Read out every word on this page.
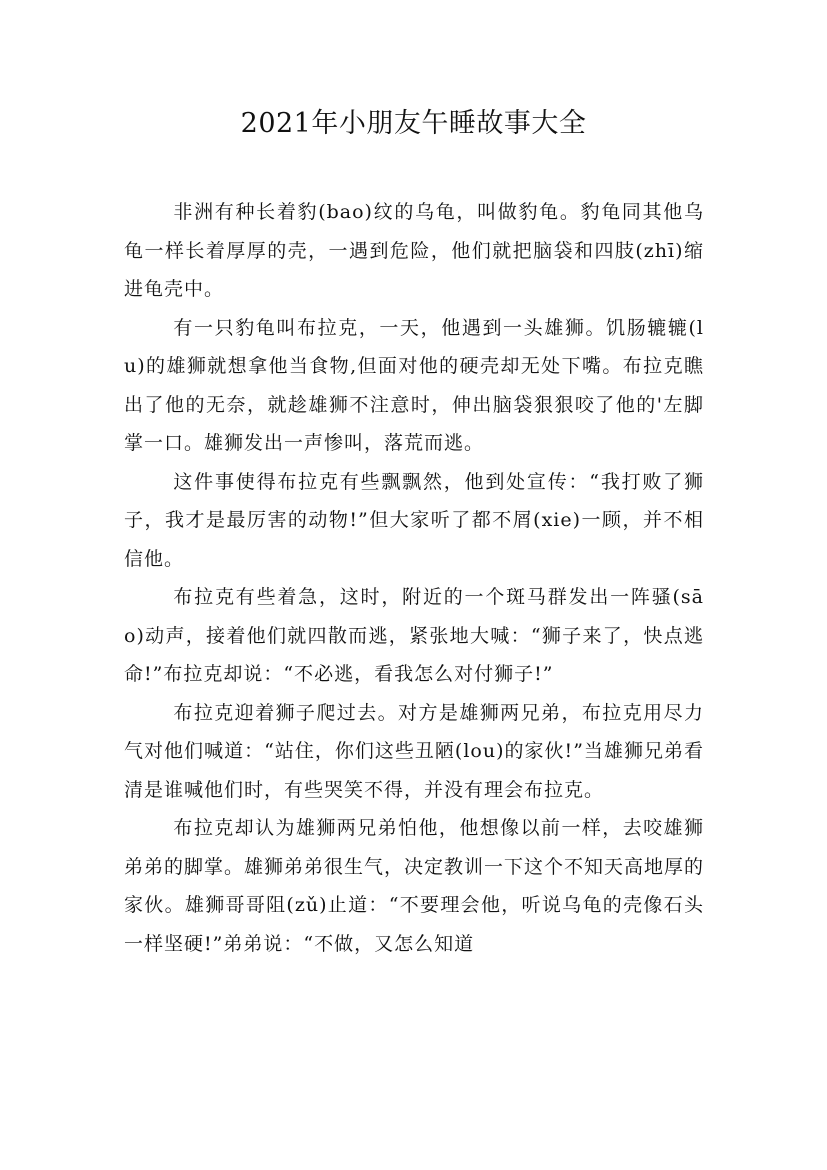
2021年小朋友午睡故事大全

非洲有种长着豹(bao)纹的乌龟，叫做豹龟。豹龟同其他乌龟一样长着厚厚的壳，一遇到危险，他们就把脑袋和四肢(zhī)缩进龟壳中。

有一只豹龟叫布拉克，一天，他遇到一头雄狮。饥肠辘辘(lu)的雄狮就想拿他当食物,但面对他的硬壳却无处下嘴。布拉克瞧出了他的无奈，就趁雄狮不注意时，伸出脑袋狠狠咬了他的'左脚掌一口。雄狮发出一声惨叫，落荒而逃。

这件事使得布拉克有些飘飘然，他到处宣传：“我打败了狮子，我才是最厉害的动物!”但大家听了都不屑(xie)一顾，并不相信他。

布拉克有些着急，这时，附近的一个斑马群发出一阵骚(sāo)动声，接着他们就四散而逃，紧张地大喊：“狮子来了，快点逃命!”布拉克却说：“不必逃，看我怎么对付狮子!”

布拉克迎着狮子爬过去。对方是雄狮两兄弟，布拉克用尽力气对他们喊道：“站住，你们这些丑陋(lou)的家伙!”当雄狮兄弟看清是谁喊他们时，有些哭笑不得，并没有理会布拉克。

布拉克却认为雄狮两兄弟怕他，他想像以前一样，去咬雄狮弟弟的脚掌。雄狮弟弟很生气，决定教训一下这个不知天高地厚的家伙。雄狮哥哥阻(zǔ)止道：“不要理会他，听说乌龟的壳像石头一样坚硬!”弟弟说：“不做，又怎么知道
